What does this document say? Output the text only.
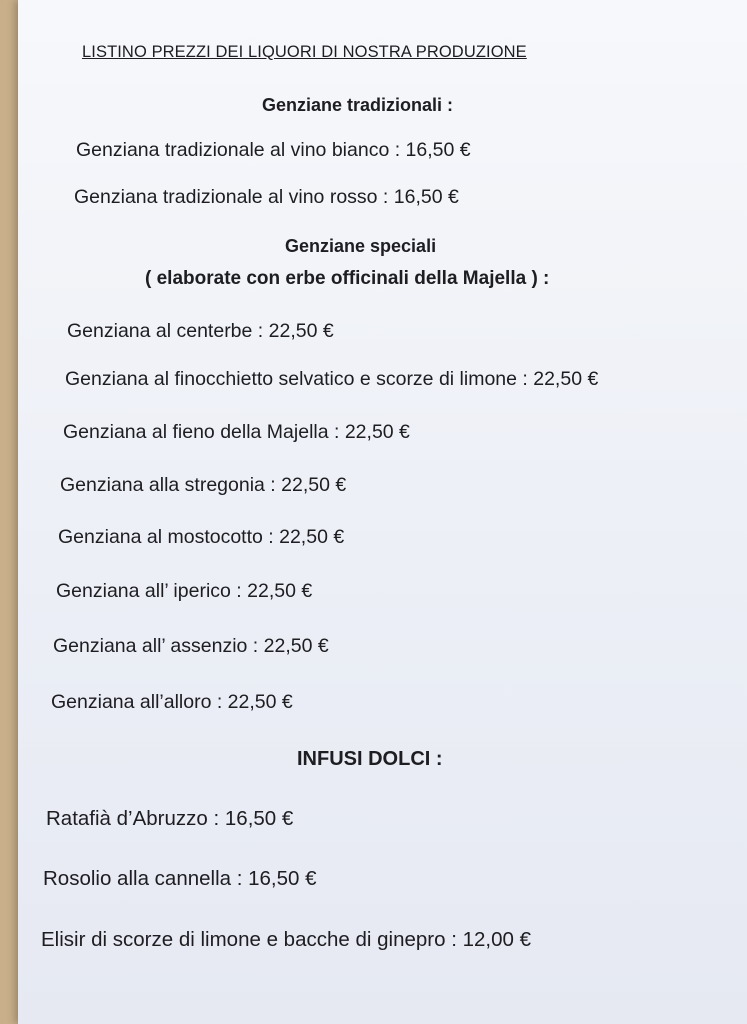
LISTINO PREZZI DEI LIQUORI DI NOSTRA PRODUZIONE
Genziane tradizionali :
Genziana tradizionale al vino bianco : 16,50 €
Genziana tradizionale al vino rosso : 16,50 €
Genziane speciali
( elaborate con erbe officinali della Majella ) :
Genziana al centerbe : 22,50 €
Genziana al finocchietto selvatico e scorze di limone : 22,50 €
Genziana al fieno della Majella : 22,50 €
Genziana alla stregonia : 22,50 €
Genziana al mostocotto : 22,50 €
Genziana all’ iperico : 22,50 €
Genziana all’ assenzio : 22,50 €
Genziana all’alloro : 22,50 €
INFUSI DOLCI :
Ratafià d’Abruzzo : 16,50 €
Rosolio alla cannella : 16,50 €
Elisir di scorze di limone e bacche di ginepro : 12,00 €
